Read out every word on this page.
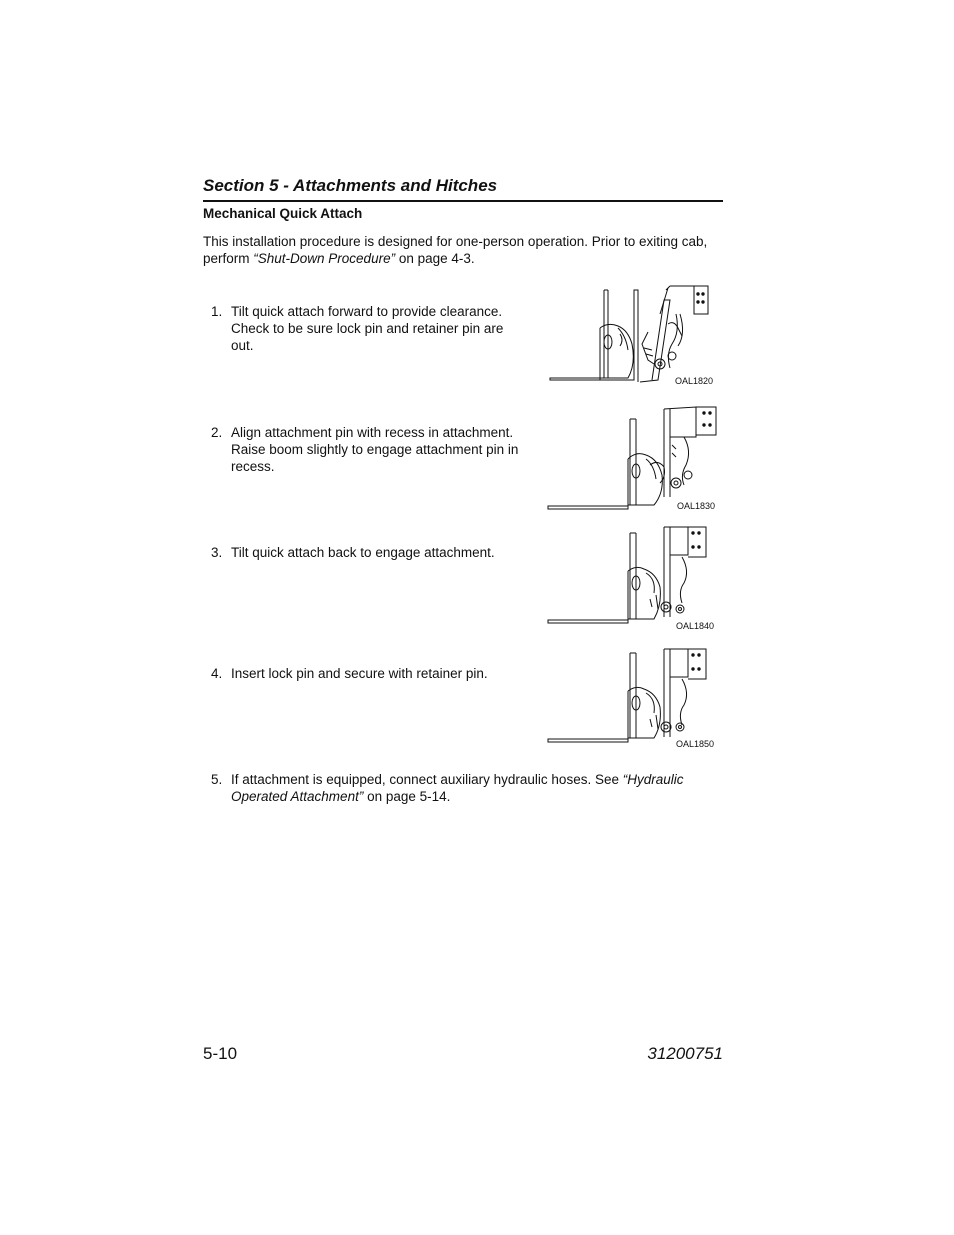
Section 5 - Attachments and Hitches
Mechanical Quick Attach
This installation procedure is designed for one-person operation. Prior to exiting cab, perform “Shut-Down Procedure” on page 4-3.
1. Tilt quick attach forward to provide clearance. Check to be sure lock pin and retainer pin are out.
2. Align attachment pin with recess in attachment. Raise boom slightly to engage attachment pin in recess.
3. Tilt quick attach back to engage attachment.
4. Insert lock pin and secure with retainer pin.
5. If attachment is equipped, connect auxiliary hydraulic hoses. See “Hydraulic Operated Attachment” on page 5-14.
OAL1820
OAL1830
OAL1840
OAL1850
5-10	31200751
